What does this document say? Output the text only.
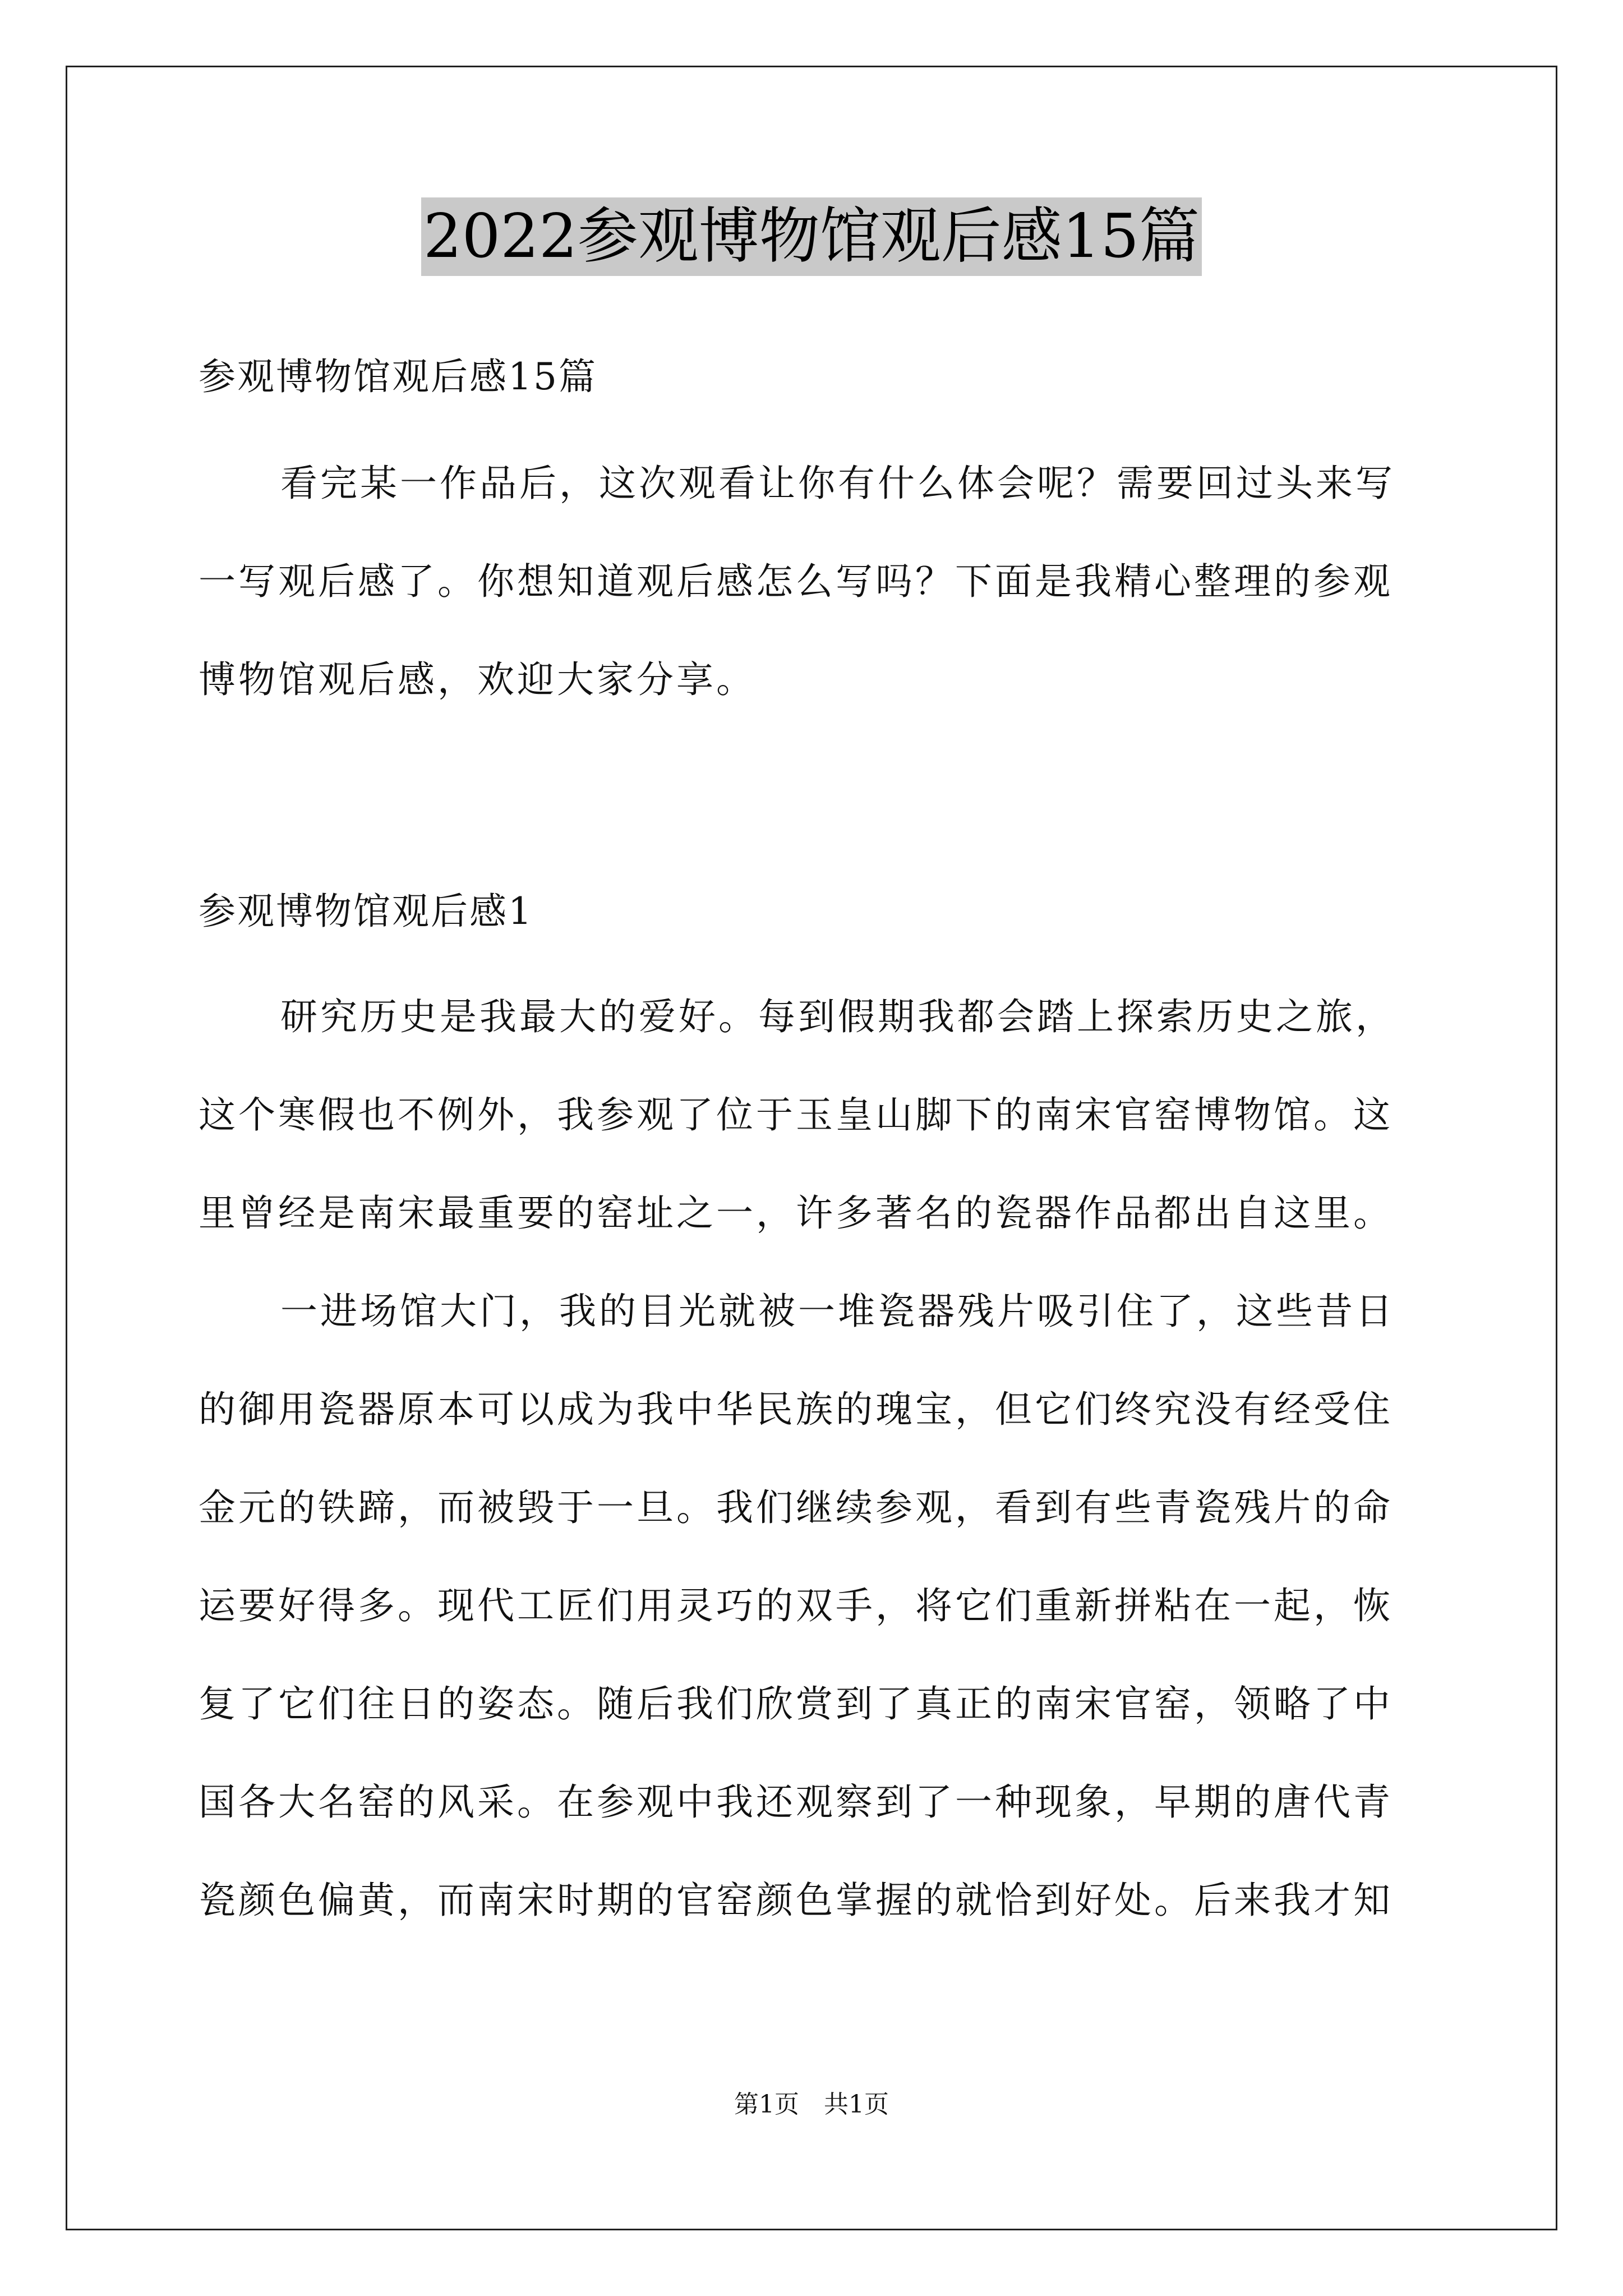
2022参观博物馆观后感15篇
参观博物馆观后感15篇
看完某一作品后，这次观看让你有什么体会呢？需要回过头来写
一写观后感了。你想知道观后感怎么写吗？下面是我精心整理的参观
博物馆观后感，欢迎大家分享。
参观博物馆观后感1
研究历史是我最大的爱好。每到假期我都会踏上探索历史之旅，
这个寒假也不例外，我参观了位于玉皇山脚下的南宋官窑博物馆。这
里曾经是南宋最重要的窑址之一，许多著名的瓷器作品都出自这里。
一进场馆大门，我的目光就被一堆瓷器残片吸引住了，这些昔日
的御用瓷器原本可以成为我中华民族的瑰宝，但它们终究没有经受住
金元的铁蹄，而被毁于一旦。我们继续参观，看到有些青瓷残片的命
运要好得多。现代工匠们用灵巧的双手，将它们重新拼粘在一起，恢
复了它们往日的姿态。随后我们欣赏到了真正的南宋官窑，领略了中
国各大名窑的风采。在参观中我还观察到了一种现象，早期的唐代青
瓷颜色偏黄，而南宋时期的官窑颜色掌握的就恰到好处。后来我才知
第1页 共1页
